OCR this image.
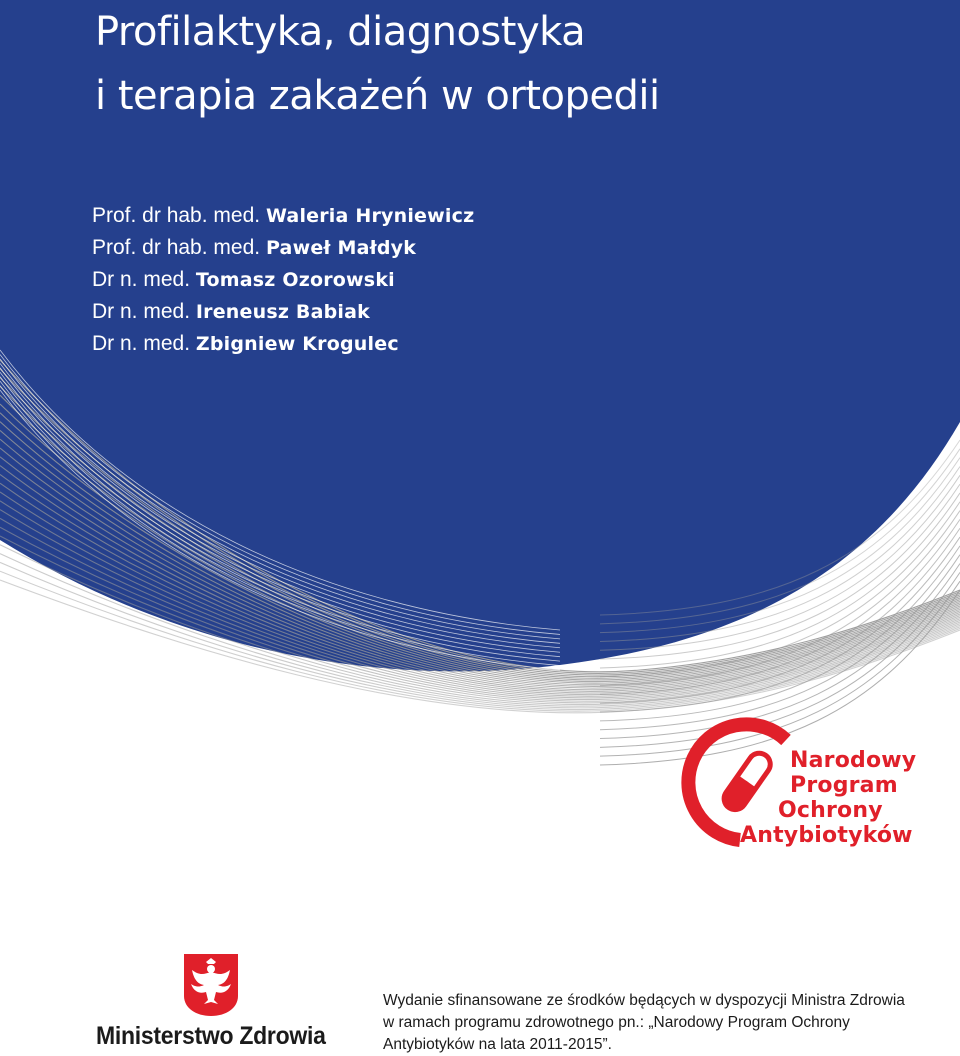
Profilaktyka, diagnostyka
i terapia zakażeń w ortopedii
Prof. dr hab. med. Waleria Hryniewicz
Prof. dr hab. med. Paweł Małdyk
Dr n. med. Tomasz Ozorowski
Dr n. med. Ireneusz Babiak
Dr n. med. Zbigniew Krogulec
Narodowy
Program
Ochrony
Antybiotyków

Ministerstwo Zdrowia

Wydanie sfinansowane ze środków będących w dyspozycji Ministra Zdrowia
w ramach programu zdrowotnego pn.: „Narodowy Program Ochrony
Antybiotyków na lata 2011-2015”.
